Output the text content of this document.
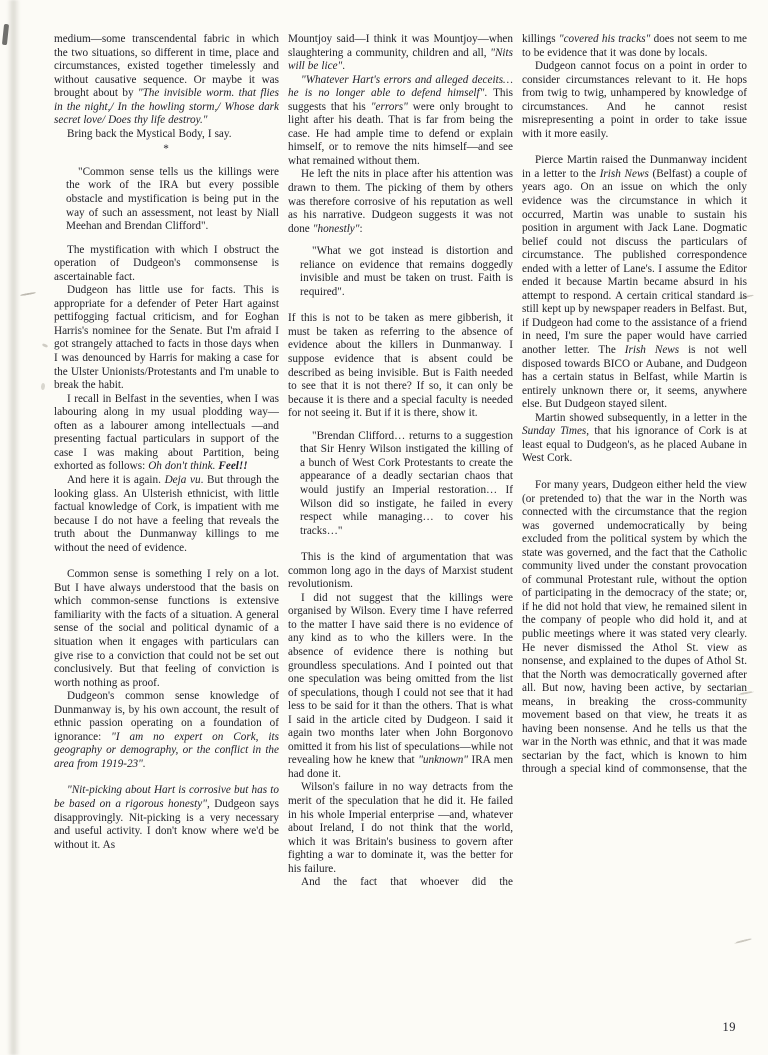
medium—some transcendental fabric in which the two situations, so different in time, place and circumstances, existed together timelessly and without causative sequence. Or maybe it was brought about by "The invisible worm. that flies in the night,/ In the howling storm,/ Whose dark secret love/ Does thy life destroy."
Bring back the Mystical Body, I say.
*
"Common sense tells us the killings were the work of the IRA but every possible obstacle and mystification is being put in the way of such an assessment, not least by Niall Meehan and Brendan Clifford".
The mystification with which I obstruct the operation of Dudgeon's commonsense is ascertainable fact.
Dudgeon has little use for facts. This is appropriate for a defender of Peter Hart against pettifogging factual criticism, and for Eoghan Harris's nominee for the Senate. But I'm afraid I got strangely attached to facts in those days when I was denounced by Harris for making a case for the Ulster Unionists/Protestants and I'm unable to break the habit.
I recall in Belfast in the seventies, when I was labouring along in my usual plodding way—often as a labourer among intellectuals —and presenting factual particulars in support of the case I was making about Partition, being exhorted as follows: Oh don't think. Feel!!
And here it is again. Deja vu. But through the looking glass. An Ulsterish ethnicist, with little factual knowledge of Cork, is impatient with me because I do not have a feeling that reveals the truth about the Dunmanway killings to me without the need of evidence.
Common sense is something I rely on a lot. But I have always understood that the basis on which common-sense functions is extensive familiarity with the facts of a situation. A general sense of the social and political dynamic of a situation when it engages with particulars can give rise to a conviction that could not be set out conclusively. But that feeling of conviction is worth nothing as proof.
Dudgeon's common sense knowledge of Dunmanway is, by his own account, the result of ethnic passion operating on a foundation of ignorance: "I am no expert on Cork, its geography or demography, or the conflict in the area from 1919-23".
"Nit-picking about Hart is corrosive but has to be based on a rigorous honesty", Dudgeon says disapprovingly. Nit-picking is a very necessary and useful activity. I don't know where we'd be without it. As
Mountjoy said—I think it was Mountjoy—when slaughtering a community, children and all, "Nits will be lice".
"Whatever Hart's errors and alleged deceits… he is no longer able to defend himself". This suggests that his "errors" were only brought to light after his death. That is far from being the case. He had ample time to defend or explain himself, or to remove the nits himself—and see what remained without them.
He left the nits in place after his attention was drawn to them. The picking of them by others was therefore corrosive of his reputation as well as his narrative. Dudgeon suggests it was not done "honestly":
"What we got instead is distortion and reliance on evidence that remains doggedly invisible and must be taken on trust. Faith is required".
If this is not to be taken as mere gibberish, it must be taken as referring to the absence of evidence about the killers in Dunmanway. I suppose evidence that is absent could be described as being invisible. But is Faith needed to see that it is not there? If so, it can only be because it is there and a special faculty is needed for not seeing it. But if it is there, show it.
"Brendan Clifford… returns to a suggestion that Sir Henry Wilson instigated the killing of a bunch of West Cork Protestants to create the appearance of a deadly sectarian chaos that would justify an Imperial restoration… If Wilson did so instigate, he failed in every respect while managing… to cover his tracks…"
This is the kind of argumentation that was common long ago in the days of Marxist student revolutionism.
I did not suggest that the killings were organised by Wilson. Every time I have referred to the matter I have said there is no evidence of any kind as to who the killers were. In the absence of evidence there is nothing but groundless speculations. And I pointed out that one speculation was being omitted from the list of speculations, though I could not see that it had less to be said for it than the others. That is what I said in the article cited by Dudgeon. I said it again two months later when John Borgonovo omitted it from his list of speculations—while not revealing how he knew that "unknown" IRA men had done it.
Wilson's failure in no way detracts from the merit of the speculation that he did it. He failed in his whole Imperial enterprise —and, whatever about Ireland, I do not think that the world, which it was Britain's business to govern after fighting a war to dominate it, was the better for his failure.
And the fact that whoever did the
killings "covered his tracks" does not seem to me to be evidence that it was done by locals.
Dudgeon cannot focus on a point in order to consider circumstances relevant to it. He hops from twig to twig, unhampered by knowledge of circumstances. And he cannot resist misrepresenting a point in order to take issue with it more easily.
Pierce Martin raised the Dunmanway incident in a letter to the Irish News (Belfast) a couple of years ago. On an issue on which the only evidence was the circumstance in which it occurred, Martin was unable to sustain his position in argument with Jack Lane. Dogmatic belief could not discuss the particulars of circumstance. The published correspondence ended with a letter of Lane's. I assume the Editor ended it because Martin became absurd in his attempt to respond. A certain critical standard is still kept up by newspaper readers in Belfast. But, if Dudgeon had come to the assistance of a friend in need, I'm sure the paper would have carried another letter. The Irish News is not well disposed towards BICO or Aubane, and Dudgeon has a certain status in Belfast, while Martin is entirely unknown there or, it seems, anywhere else. But Dudgeon stayed silent.
Martin showed subsequently, in a letter in the Sunday Times, that his ignorance of Cork is at least equal to Dudgeon's, as he placed Aubane in West Cork.
For many years, Dudgeon either held the view (or pretended to) that the war in the North was connected with the circumstance that the region was governed undemocratically by being excluded from the political system by which the state was governed, and the fact that the Catholic community lived under the constant provocation of communal Protestant rule, without the option of participating in the democracy of the state; or, if he did not hold that view, he remained silent in the company of people who did hold it, and at public meetings where it was stated very clearly. He never dismissed the Athol St. view as nonsense, and explained to the dupes of Athol St. that the North was democratically governed after all. But now, having been active, by sectarian means, in breaking the cross-community movement based on that view, he treats it as having been nonsense. And he tells us that the war in the North was ethnic, and that it was made sectarian by the fact, which is known to him through a special kind of commonsense, that the
19
